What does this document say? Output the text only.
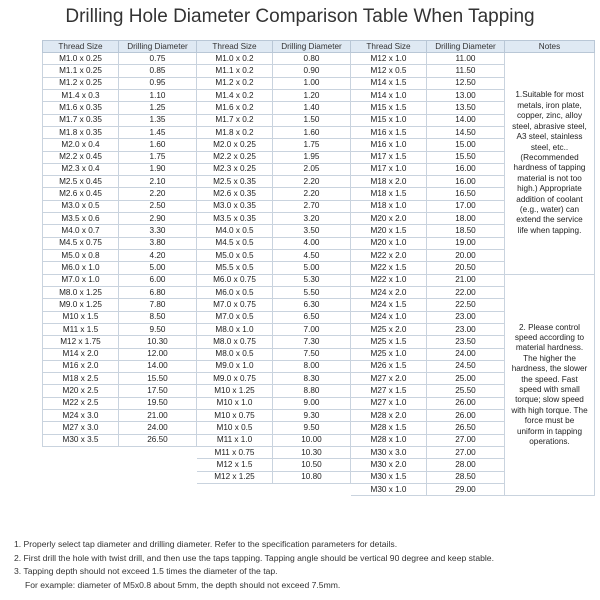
Drilling Hole Diameter Comparison Table When Tapping
Thread Size	Drilling Diameter	Thread Size	Drilling Diameter	Thread Size	Drilling Diameter	Notes
M1.0 x 0.25	0.75	M1.0 x 0.2	0.80	M12 x 1.0	11.00	1.Suitable for most metals, iron plate, copper, zinc, alloy steel, abrasive steel, A3 steel, stainless steel, etc..(Recommended hardness of tapping material is not too high.) Appropriate addition of coolant (e.g., water) can extend the service life when tapping.
M1.1 x 0.25	0.85	M1.1 x 0.2	0.90	M12 x 0.5	11.50	
M1.2 x 0.25	0.95	M1.2 x 0.2	1.00	M14 x 1.5	12.50	
M1.4 x 0.3	1.10	M1.4 x 0.2	1.20	M14 x 1.0	13.00	
M1.6 x 0.35	1.25	M1.6 x 0.2	1.40	M15 x 1.5	13.50	
M1.7 x 0.35	1.35	M1.7 x 0.2	1.50	M15 x 1.0	14.00	
M1.8 x 0.35	1.45	M1.8 x 0.2	1.60	M16 x 1.5	14.50	
M2.0 x 0.4	1.60	M2.0 x 0.25	1.75	M16 x 1.0	15.00	
M2.2 x 0.45	1.75	M2.2 x 0.25	1.95	M17 x 1.5	15.50	
M2.3 x 0.4	1.90	M2.3 x 0.25	2.05	M17 x 1.0	16.00	
M2.5 x 0.45	2.10	M2.5 x 0.35	2.20	M18 x 2.0	16.00	
M2.6 x 0.45	2.20	M2.6 x 0.35	2.20	M18 x 1.5	16.50	
M3.0 x 0.5	2.50	M3.0 x 0.35	2.70	M18 x 1.0	17.00	
M3.5 x 0.6	2.90	M3.5 x 0.35	3.20	M20 x 2.0	18.00	
M4.0 x 0.7	3.30	M4.0 x 0.5	3.50	M20 x 1.5	18.50	
M4.5 x 0.75	3.80	M4.5 x 0.5	4.00	M20 x 1.0	19.00	
M5.0 x 0.8	4.20	M5.0 x 0.5	4.50	M22 x 2.0	20.00	
M6.0 x 1.0	5.00	M5.5 x 0.5	5.00	M22 x 1.5	20.50	
M7.0 x 1.0	6.00	M6.0 x 0.75	5.30	M22 x 1.0	21.00	2. Please control speed according to material hardness. The higher the hardness, the slower the speed. Fast speed with small torque; slow speed with high torque. The force must be uniform in tapping operations.
M8.0 x 1.25	6.80	M6.0 x 0.5	5.50	M24 x 2.0	22.00	
M9.0 x 1.25	7.80	M7.0 x 0.75	6.30	M24 x 1.5	22.50	
M10 x 1.5	8.50	M7.0 x 0.5	6.50	M24 x 1.0	23.00	
M11 x 1.5	9.50	M8.0 x 1.0	7.00	M25 x 2.0	23.00	
M12 x 1.75	10.30	M8.0 x 0.75	7.30	M25 x 1.5	23.50	
M14 x 2.0	12.00	M8.0 x 0.5	7.50	M25 x 1.0	24.00	
M16 x 2.0	14.00	M9.0 x 1.0	8.00	M26 x 1.5	24.50	
M18 x 2.5	15.50	M9.0 x 0.75	8.30	M27 x 2.0	25.00	
M20 x 2.5	17.50	M10 x 1.25	8.80	M27 x 1.5	25.50	
M22 x 2.5	19.50	M10 x 1.0	9.00	M27 x 1.0	26.00	
M24 x 3.0	21.00	M10 x 0.75	9.30	M28 x 2.0	26.00	
M27 x 3.0	24.00	M10 x 0.5	9.50	M28 x 1.5	26.50	
M30 x 3.5	26.50	M11 x 1.0	10.00	M28 x 1.0	27.00	
		M11 x 0.75	10.30	M30 x 3.0	27.00	
		M12 x 1.5	10.50	M30 x 2.0	28.00	
		M12 x 1.25	10.80	M30 x 1.5	28.50	
				M30 x 1.0	29.00	
1. Properly select tap diameter and drilling diameter. Refer to the specification parameters for details.
2. First drill the hole with twist drill, and then use the taps tapping. Tapping angle should be vertical 90 degree and keep stable.
3. Tapping depth should not exceed 1.5 times the diameter of the tap.
For example: diameter of M5x0.8 about 5mm, the depth should not exceed 7.5mm.
